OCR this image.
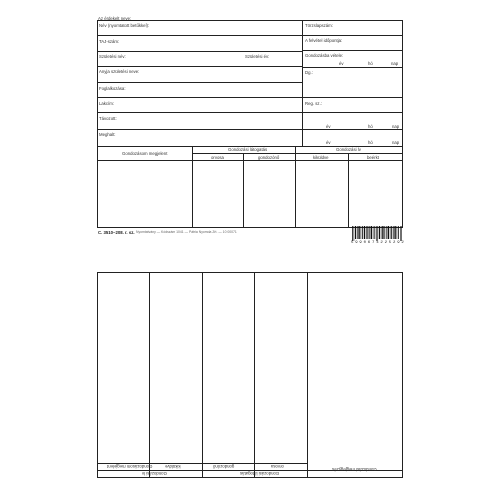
Az érdekelt neve:
Név (nyomtatott betűkkel):
TAJ-szám:
Születési név:	Születési év:
Anyja születési neve:
Foglalkozása:
Lakcím:
Törzslapszám:
A felvétel időpontja:
Gondozásba vétele:
év	hó	nap
Dg.:
Reg. sz.:
Távozott:
év	hó	nap
Meghalt:
év	hó	nap
Gondozásom megjelent
Gondozási látogatás
orvosa	gondozónő
Gondozási lv
kiküldve	beérkt
C. 3510–208. r. sz. Nyomtatvány — Kódszám 1041 — Pátria Nyomda Zrt. — 10 00071
5 9 9 0 6 7 4 2 2 5 2 9 2
Gondozásom megjelent	kiküldve	gondozónő	orvosa
Gondozási megjegyzés
Gondozási lv	Gondozási látogatás
